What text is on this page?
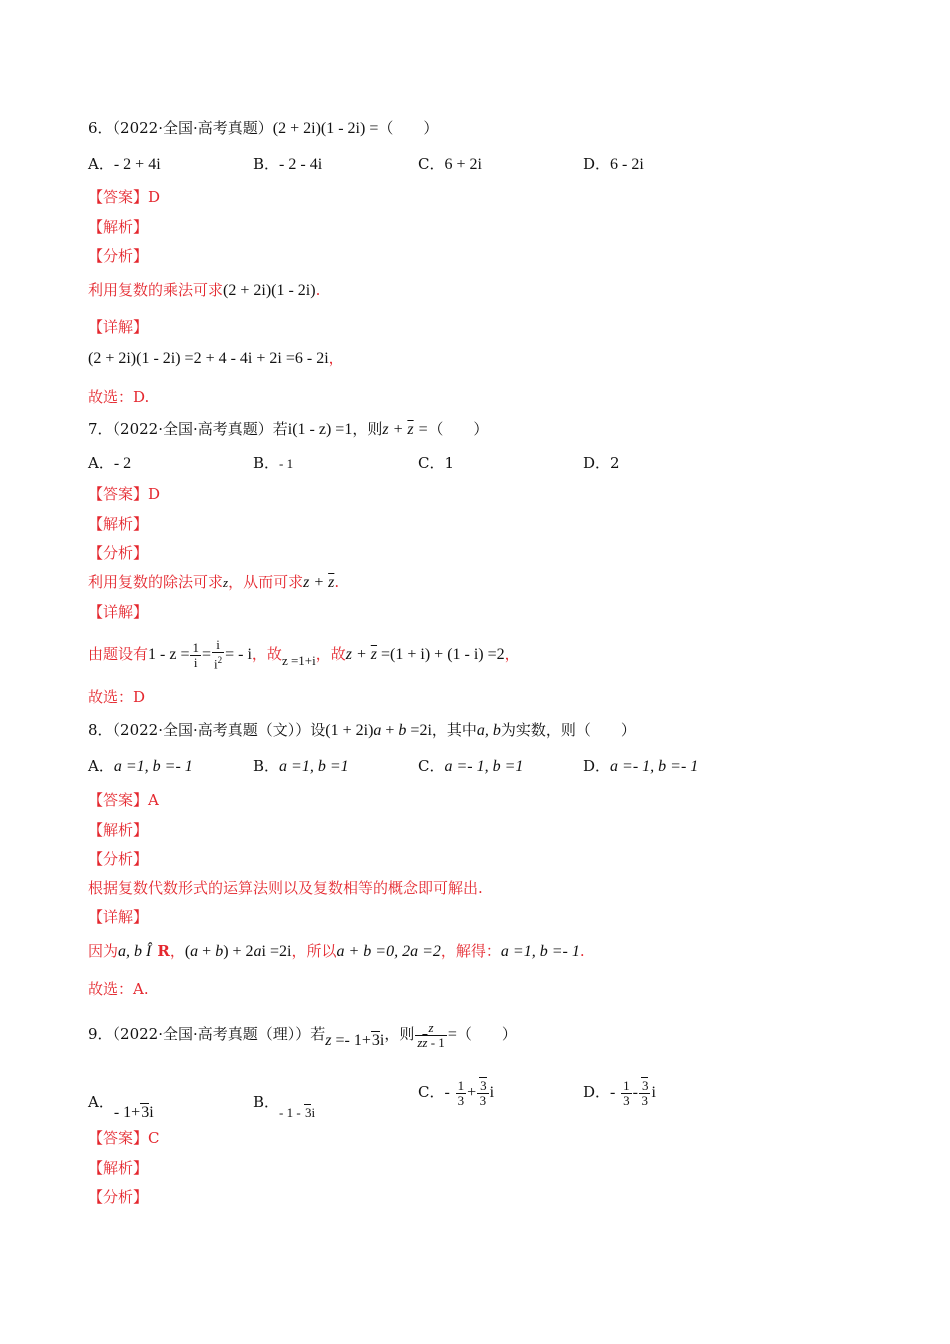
6．（2022·全国·高考真题）(2 + 2i)(1 - 2i) =（　　）
A．- 2 + 4i	B．- 2 - 4i	C．6 + 2i	D．6 - 2i
【答案】D
【解析】
【分析】
利用复数的乘法可求(2 + 2i)(1 - 2i).
【详解】
(2 + 2i)(1 - 2i) =2 + 4 - 4i + 2i =6 - 2i，
故选：D.
7．（2022·全国·高考真题）若i(1 - z) =1，则$z + \overline{z}$ =（　　）
A．- 2	B．- 1	C．1	D．2
【答案】D
【解析】
【分析】
利用复数的除法可求z，从而可求$z + \overline{z}$.
【详解】
由题设有$1 - z = \frac{1}{i} = \frac{i}{i^2}$ = - i，故z =1+i，故$z + \overline{z} =(1 + i) + (1 - i) =2$，
故选：D
8．（2022·全国·高考真题（文））设(1 + 2i)a + b =2i，其中a, b为实数，则（　　）
A．a =1, b =- 1	B．a =1, b =1	C．a =- 1, b =1	D．a =- 1, b =- 1
【答案】A
【解析】
【分析】
根据复数代数形式的运算法则以及复数相等的概念即可解出.
【详解】
因为a, b Î R，(a + b) + 2ai =2i，所以a + b =0, 2a =2，解得：a =1, b =- 1.
故选：A.
9．（2022·全国·高考真题（理））若z =- 1+3i，则 $\frac{z}{z\overline{z} - 1}$ =（　　）
A．- 1+3i
B．- 1 - 3i
C．- $\frac{1}{3} + \frac{3}{3}$ i	D．- $\frac{1}{3} - \frac{3}{3}$ i
【答案】C
【解析】
【分析】
